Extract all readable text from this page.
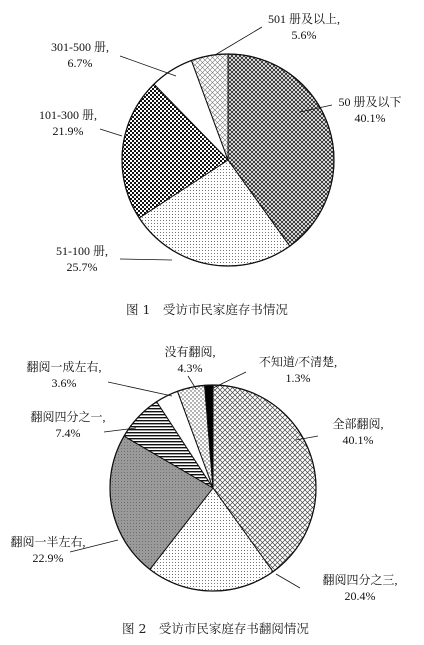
50 册及以下
40.1%
51-100 册,
25.7%
101-300 册,
21.9%
301-500 册,
6.7%
501 册及以上,
5.6%
图 1　受访市民家庭存书情况
全部翻阅,
40.1%
翻阅四分之三,
20.4%
翻阅一半左右,
22.9%
翻阅四分之一,
7.4%
翻阅一成左右,
3.6%
没有翻阅,
4.3%	不知道/不清楚,
1.3%
图 2　受访市民家庭存书翻阅情况
